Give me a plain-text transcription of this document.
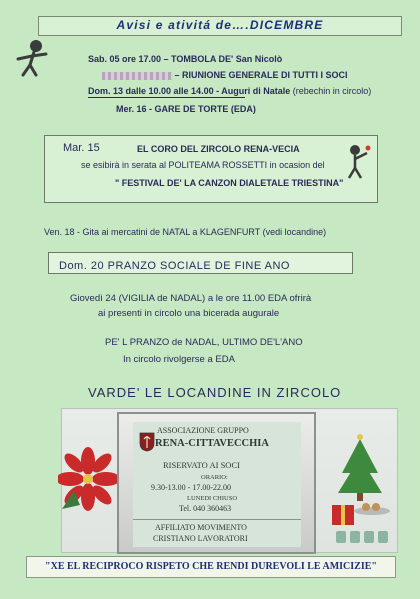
Avisi e ativitá de….DICEMBRE
Sab. 05 ore 17.00 – TOMBOLA DE' San Nicolò
– RIUNIONE GENERALE DI TUTTI I SOCI
Dom. 13 dalle 10.00 alle 14.00 - Auguri di Natale (rebechin in circolo)
Mer. 16 - GARE DE TORTE (EDA)
Mar. 15	EL CORO DEL ZIRCOLO RENA-VECIA
se esibirà in serata al POLITEAMA ROSSETTI in ocasion del
" FESTIVAL DE' LA CANZON DIALETALE TRIESTINA"
Ven. 18 - Gita ai mercatini de NATAL a KLAGENFURT (vedi locandine)
Dom. 20 PRANZO SOCIALE DE FINE ANO
Giovedì 24 (VIGILIA de NADAL) a le ore 11.00 EDA ofrirà
ai presenti in circolo una bicerada augurale
PE' L PRANZO de NADAL, ULTIMO DE'L'ANO
In circolo rivolgerse a EDA
VARDE' LE LOCANDINE IN ZIRCOLO
ASSOCIAZIONE GRUPPO
RENA-CITTAVECCHIA
RISERVATO AI SOCI
ORARIO:
9.30-13.00 - 17.00-22.00
LUNEDI CHIUSO
Tel. 040 360463
AFFILIATO MOVIMENTO
CRISTIANO LAVORATORI
"XE EL RECIPROCO RISPETO CHE RENDI DUREVOLI LE AMICIZIE"
